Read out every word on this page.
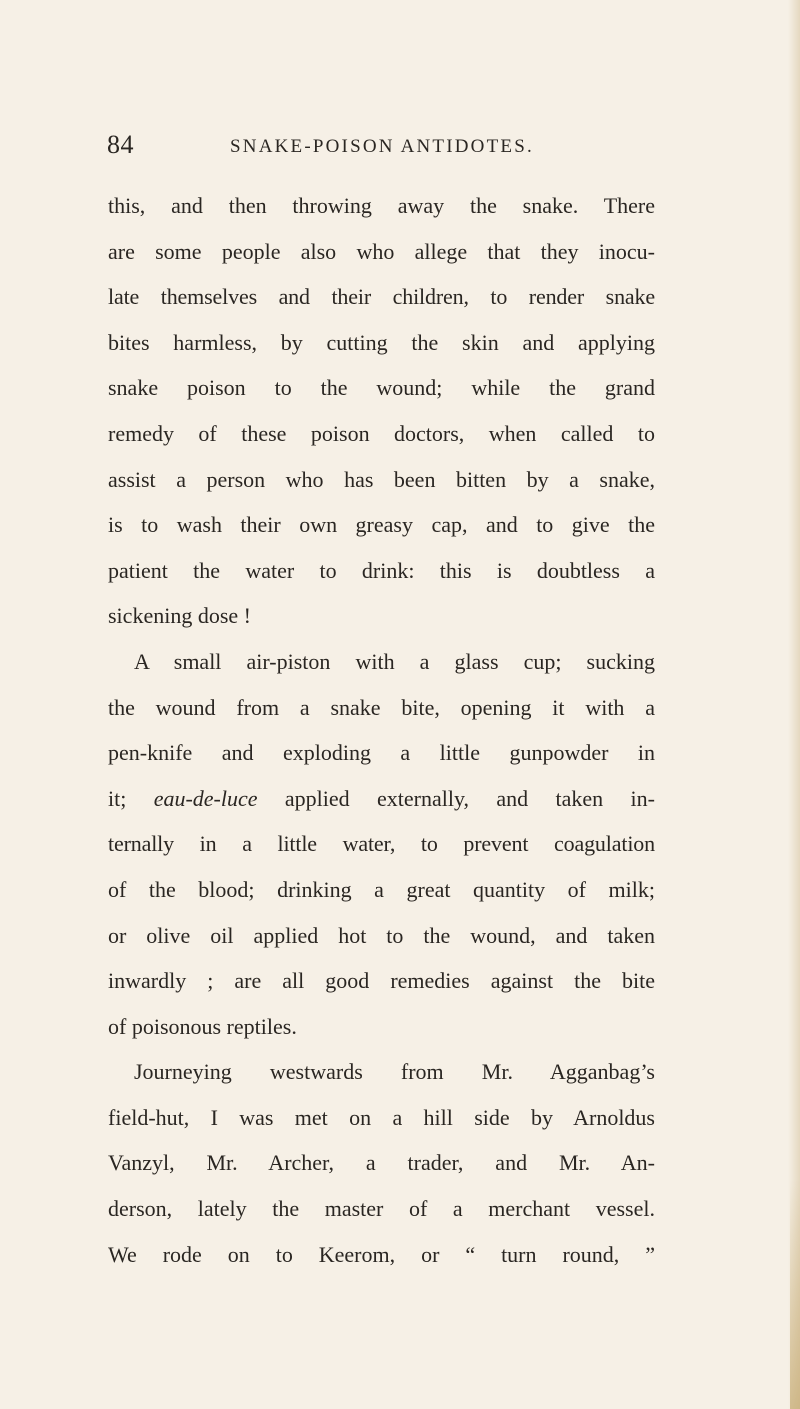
84	SNAKE-POISON ANTIDOTES.
this, and then throwing away the snake. There
are some people also who allege that they inocu-
late themselves and their children, to render snake
bites harmless, by cutting the skin and applying
snake poison to the wound; while the grand
remedy of these poison doctors, when called to
assist a person who has been bitten by a snake,
is to wash their own greasy cap, and to give the
patient the water to drink: this is doubtless a
sickening dose !
A small air-piston with a glass cup; sucking
the wound from a snake bite, opening it with a
pen-knife and exploding a little gunpowder in
it; eau-de-luce applied externally, and taken in-
ternally in a little water, to prevent coagulation
of the blood; drinking a great quantity of milk;
or olive oil applied hot to the wound, and taken
inwardly ; are all good remedies against the bite
of poisonous reptiles.
Journeying westwards from Mr. Agganbag’s
field-hut, I was met on a hill side by Arnoldus
Vanzyl, Mr. Archer, a trader, and Mr. An-
derson, lately the master of a merchant vessel.
We rode on to Keerom, or “ turn round, ”
